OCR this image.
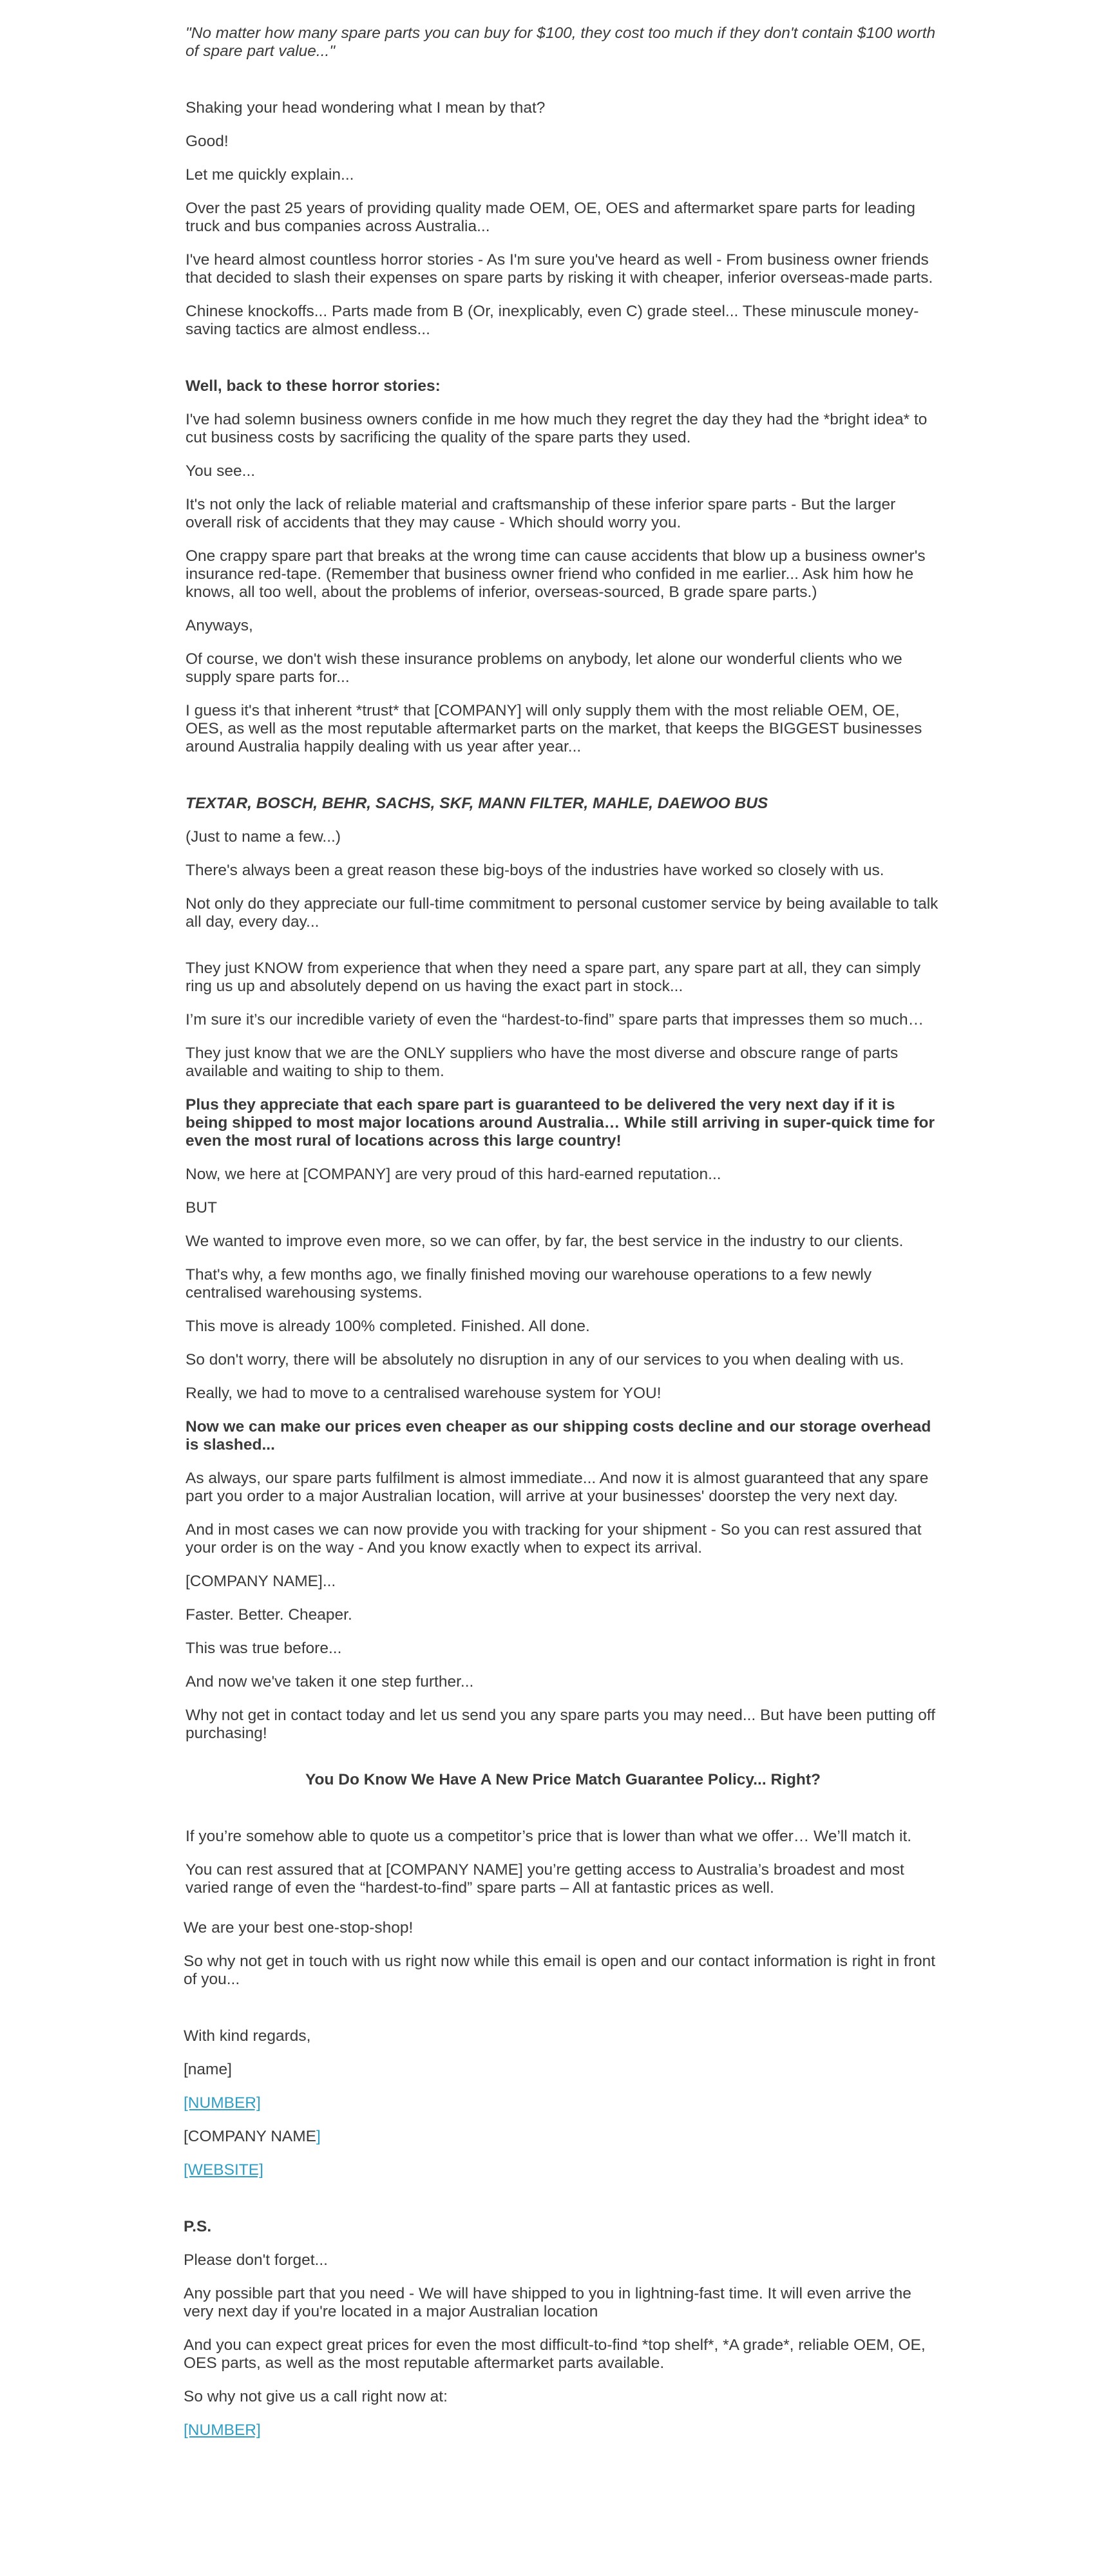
"No matter how many spare parts you can buy for $100, they cost too much if they don't contain $100 worth of spare part value..."

Shaking your head wondering what I mean by that?

Good!

Let me quickly explain...

Over the past 25 years of providing quality made OEM, OE, OES and aftermarket spare parts for leading truck and bus companies across Australia...

I've heard almost countless horror stories - As I'm sure you've heard as well - From business owner friends that decided to slash their expenses on spare parts by risking it with cheaper, inferior overseas-made parts.

Chinese knockoffs... Parts made from B (Or, inexplicably, even C) grade steel... These minuscule money-saving tactics are almost endless...

Well, back to these horror stories:

I've had solemn business owners confide in me how much they regret the day they had the *bright idea* to cut business costs by sacrificing the quality of the spare parts they used.

You see...

It's not only the lack of reliable material and craftsmanship of these inferior spare parts - But the larger overall risk of accidents that they may cause - Which should worry you.

One crappy spare part that breaks at the wrong time can cause accidents that blow up a business owner's insurance red-tape. (Remember that business owner friend who confided in me earlier... Ask him how he knows, all too well, about the problems of inferior, overseas-sourced, B grade spare parts.)

Anyways,

Of course, we don't wish these insurance problems on anybody, let alone our wonderful clients who we supply spare parts for...

I guess it's that inherent *trust* that [COMPANY] will only supply them with the most reliable OEM, OE, OES, as well as the most reputable aftermarket parts on the market, that keeps the BIGGEST businesses around Australia happily dealing with us year after year...

TEXTAR, BOSCH, BEHR, SACHS, SKF, MANN FILTER, MAHLE, DAEWOO BUS

(Just to name a few...)

There's always been a great reason these big-boys of the industries have worked so closely with us.

Not only do they appreciate our full-time commitment to personal customer service by being available to talk all day, every day...

They just KNOW from experience that when they need a spare part, any spare part at all, they can simply ring us up and absolutely depend on us having the exact part in stock...

I’m sure it’s our incredible variety of even the “hardest-to-find” spare parts that impresses them so much…

They just know that we are the ONLY suppliers who have the most diverse and obscure range of parts available and waiting to ship to them.

Plus they appreciate that each spare part is guaranteed to be delivered the very next day if it is being shipped to most major locations around Australia… While still arriving in super-quick time for even the most rural of locations across this large country!

Now, we here at [COMPANY] are very proud of this hard-earned reputation...

BUT

We wanted to improve even more, so we can offer, by far, the best service in the industry to our clients.

That's why, a few months ago, we finally finished moving our warehouse operations to a few newly centralised warehousing systems.

This move is already 100% completed. Finished. All done.

So don't worry, there will be absolutely no disruption in any of our services to you when dealing with us.

Really, we had to move to a centralised warehouse system for YOU!

Now we can make our prices even cheaper as our shipping costs decline and our storage overhead is slashed...

As always, our spare parts fulfilment is almost immediate... And now it is almost guaranteed that any spare part you order to a major Australian location, will arrive at your businesses' doorstep the very next day.

And in most cases we can now provide you with tracking for your shipment - So you can rest assured that your order is on the way - And you know exactly when to expect its arrival.

[COMPANY NAME]...

Faster. Better. Cheaper.

This was true before...

And now we've taken it one step further...

Why not get in contact today and let us send you any spare parts you may need... But have been putting off purchasing!

You Do Know We Have A New Price Match Guarantee Policy... Right?

If you’re somehow able to quote us a competitor’s price that is lower than what we offer… We’ll match it.

You can rest assured that at [COMPANY NAME] you’re getting access to Australia’s broadest and most varied range of even the “hardest-to-find” spare parts – All at fantastic prices as well.

We are your best one-stop-shop!

So why not get in touch with us right now while this email is open and our contact information is right in front of you...

With kind regards,

[name]

[NUMBER]

[COMPANY NAME]

[WEBSITE]

P.S.

Please don't forget...

Any possible part that you need - We will have shipped to you in lightning-fast time. It will even arrive the very next day if you're located in a major Australian location

And you can expect great prices for even the most difficult-to-find *top shelf*, *A grade*, reliable OEM, OE, OES parts, as well as the most reputable aftermarket parts available.

So why not give us a call right now at:

[NUMBER]
